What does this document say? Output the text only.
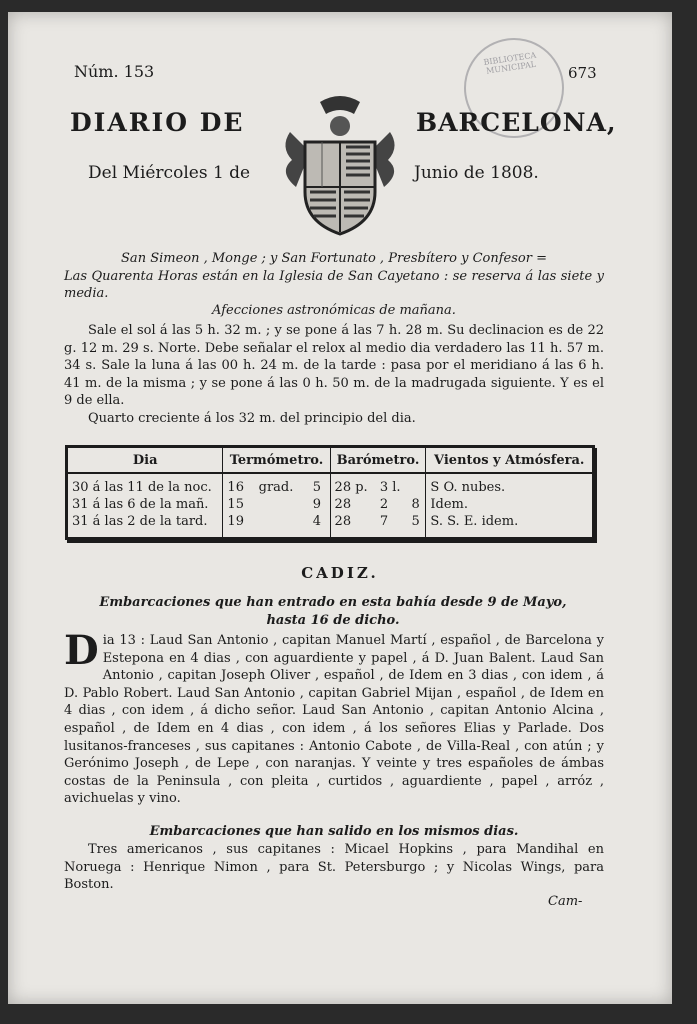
Núm. 153	673
BIBLIOTECA MUNICIPAL
DIARIO DE	BARCELONA,
Del Miércoles 1 de	Junio de 1808.
San Simeon , Monge ; y San Fortunato , Presbítero y Confesor =
Las Quarenta Horas están en la Iglesia de San Cayetano : se reserva á las siete y media.
Afecciones astronómicas de mañana.
Sale el sol á las 5 h. 32 m. ; y se pone á las 7 h. 28 m. Su declinacion es de 22 g. 12 m. 29 s. Norte. Debe señalar el relox al medio dia verdadero las 11 h. 57 m. 34 s. Sale la luna á las 00 h. 24 m. de la tarde : pasa por el meridiano á las 6 h. 41 m. de la misma ; y se pone á las 0 h. 50 m. de la madrugada siguiente. Y es el 9 de ella.
Quarto creciente á los 32 m. del principio del dia.
Dia	Termómetro.			Barómetro.			Vientos y Atmósfera.
30 á las 11 de la noc.	16	grad.	5	28 p.	3 l.		S O. nubes.
31 á las 6 de la mañ.	15		9	28	2	8	Idem.
31 á las 2 de la tard.	19		4	28	7	5	S. S. E. idem.
CADIZ.
Embarcaciones que han entrado en esta bahía desde 9 de Mayo, hasta 16 de dicho.
Dia 13 : Laud San Antonio , capitan Manuel Martí , español , de Barcelona y Estepona en 4 dias , con aguardiente y papel , á D. Juan Balent. Laud San Antonio , capitan Joseph Oliver , español , de Idem en 3 dias , con idem , á D. Pablo Robert. Laud San Antonio , capitan Gabriel Mijan , español , de Idem en 4 dias , con idem , á dicho señor. Laud San Antonio , capitan Antonio Alcina , español , de Idem en 4 dias , con idem , á los señores Elias y Parlade. Dos lusitanos-franceses , sus capitanes : Antonio Cabote , de Villa-Real , con atún ; y Gerónimo Joseph , de Lepe , con naranjas. Y veinte y tres españoles de ámbas costas de la Peninsula , con pleita , curtidos , aguardiente , papel , arróz , avichuelas y vino.
Embarcaciones que han salido en los mismos dias.
Tres americanos , sus capitanes : Micael Hopkins , para Mandihal en Noruega : Henrique Nimon , para St. Petersburgo ; y Nicolas Wings, para Boston.
Cam-
